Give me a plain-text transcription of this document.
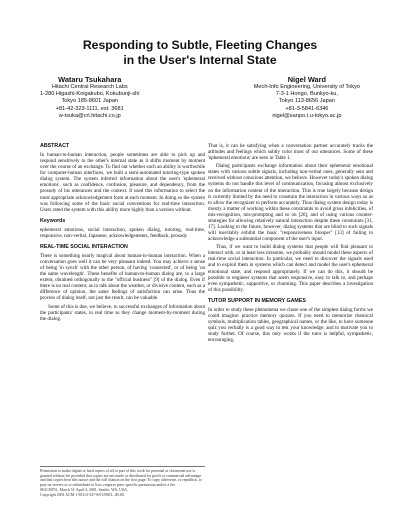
Responding to Subtle, Fleeting Changes
in the User's Internal State
Wataru Tsukahara
Hitachi Central Research Labs
1-280 Higashi-Koigakubo, Kokubunji-shi
Tokyo 185-8601 Japan
+81-42-323-1111, ext. 3681
w-tsuka@crl.hitachi.co.jp
Nigel Ward
Mech-Info Engineering, University of Tokyo
7-3-1 Hongo, Bunkyo-ku,
Tokyo 113-8656 Japan
+81-3-5841-6346
nigel@sanpo.t.u-tokyo.ac.jp
ABSTRACT

In human-to-human interaction, people sometimes are able to pick up and respond sensitively to the other's internal state as it shifts moment by moment over the course of an exchange. To find out whether such an ability is worthwhile for computer-human interfaces, we built a semi-automated tutoring-type spoken dialog system. The system inferred information about the user's 'ephemeral emotions', such as confidence, confusion, pleasure, and dependency, from the prosody of his utterances and the context. It used this information to select the most appropriate acknowledgement form at each moment. In doing so the system was following some of the basic social conventions for real-time interaction. Users rated the system with this ability more highly than a version without.

Keywords

ephemeral emotions, social interaction, spoken dialog, tutoring, real-time, responsive, non-verbal, Japanese, acknowledgements, feedback, prosody

REAL-TIME SOCIAL INTERACTION

There is something nearly magical about human-to-human interaction. When a conversation goes well it can be very pleasant indeed. You may achieve a sense of being 'in synch' with the other person, of having 'connected', or of being 'on the same wavelength'. These benefits of human-to-human dialog are, to a large extent, obtained orthogonally to the "official business" [9] of the dialog. Even if there is no real content, as in talk about the weather, or divisive content, such as a difference of opinion, the same feelings of satisfaction can arise. Thus the process of dialog itself, not just the result, can be valuable.

Some of this is due, we believe, to successful exchanges of information about the participants' states, in real time as they change moment-by-moment during the dialog.

Permission to make digital or hard copies of all or part of this work for personal or classroom use is granted without fee provided that copies are not made or distributed for profit or commercial advantage and that copies bear this notice and the full citation on the first page. To copy otherwise, or republish, to post on servers or to redistribute to lists, requires prior specific permission and/or a fee.

SIGCHI'01, March 31-April 4, 2001, Seattle, WA, USA.

Copyright 2001 ACM 1-58113-327-8/01/0003...$5.00.

That is, it can be satisfying when a conversation partner accurately tracks the attitudes and feelings which subtly color most of our utterances. Some of these 'ephemeral emotions' are seen in Table 1.

Dialog participants exchange information about their ephemeral emotional states with various subtle signals, including non-verbal ones, generally sent and received without conscious attention, we believe. However today's spoken dialog systems do not handle this level of communication, focusing almost exclusively on the information content of the interaction. This is true largely because design is currently limited by the need to constrain the interaction in various ways so as to allow the recognizer to perform accurately. Thus dialog system design today is mostly a matter of working within these constraints to avoid gross infelicities, of mis-recognition, mis-prompting and so on [26], and of using various counter-strategies for allowing relatively natural interaction despite these constraints [31, 17]. Looking to the future, however, dialog systems that are blind to such signals will inevitably exhibit the basic "responsiveness blooper" [13] of failing to acknowledge a substantial component of the user's input.

Thus, if we want to build dialog systems that people will find pleasant to interact with, or at least less tiresome, we probably should model these aspects of real-time social interaction. In particular, we need to discover the signals used and to exploit them in systems which can detect and model the user's ephemeral emotional state, and respond appropriately. If we can do this, it should be possible to engineer systems that seem responsive, easy to talk to, and perhaps even sympathetic, supportive, or charming. This paper describes a investigation of this possibility.

TUTOR SUPPORT IN MEMORY GAMES

In order to study these phenomena we chose one of the simplest dialog forms we could imagine: practice memory quizzes. If you need to memorize chemical symbols, multiplication tables, geographical names, or the like, to have someone quiz you verbally is a good way to test your knowledge, and to motivate you to study further. Of course, this only works if the tutor is helpful, sympathetic, encouraging,
